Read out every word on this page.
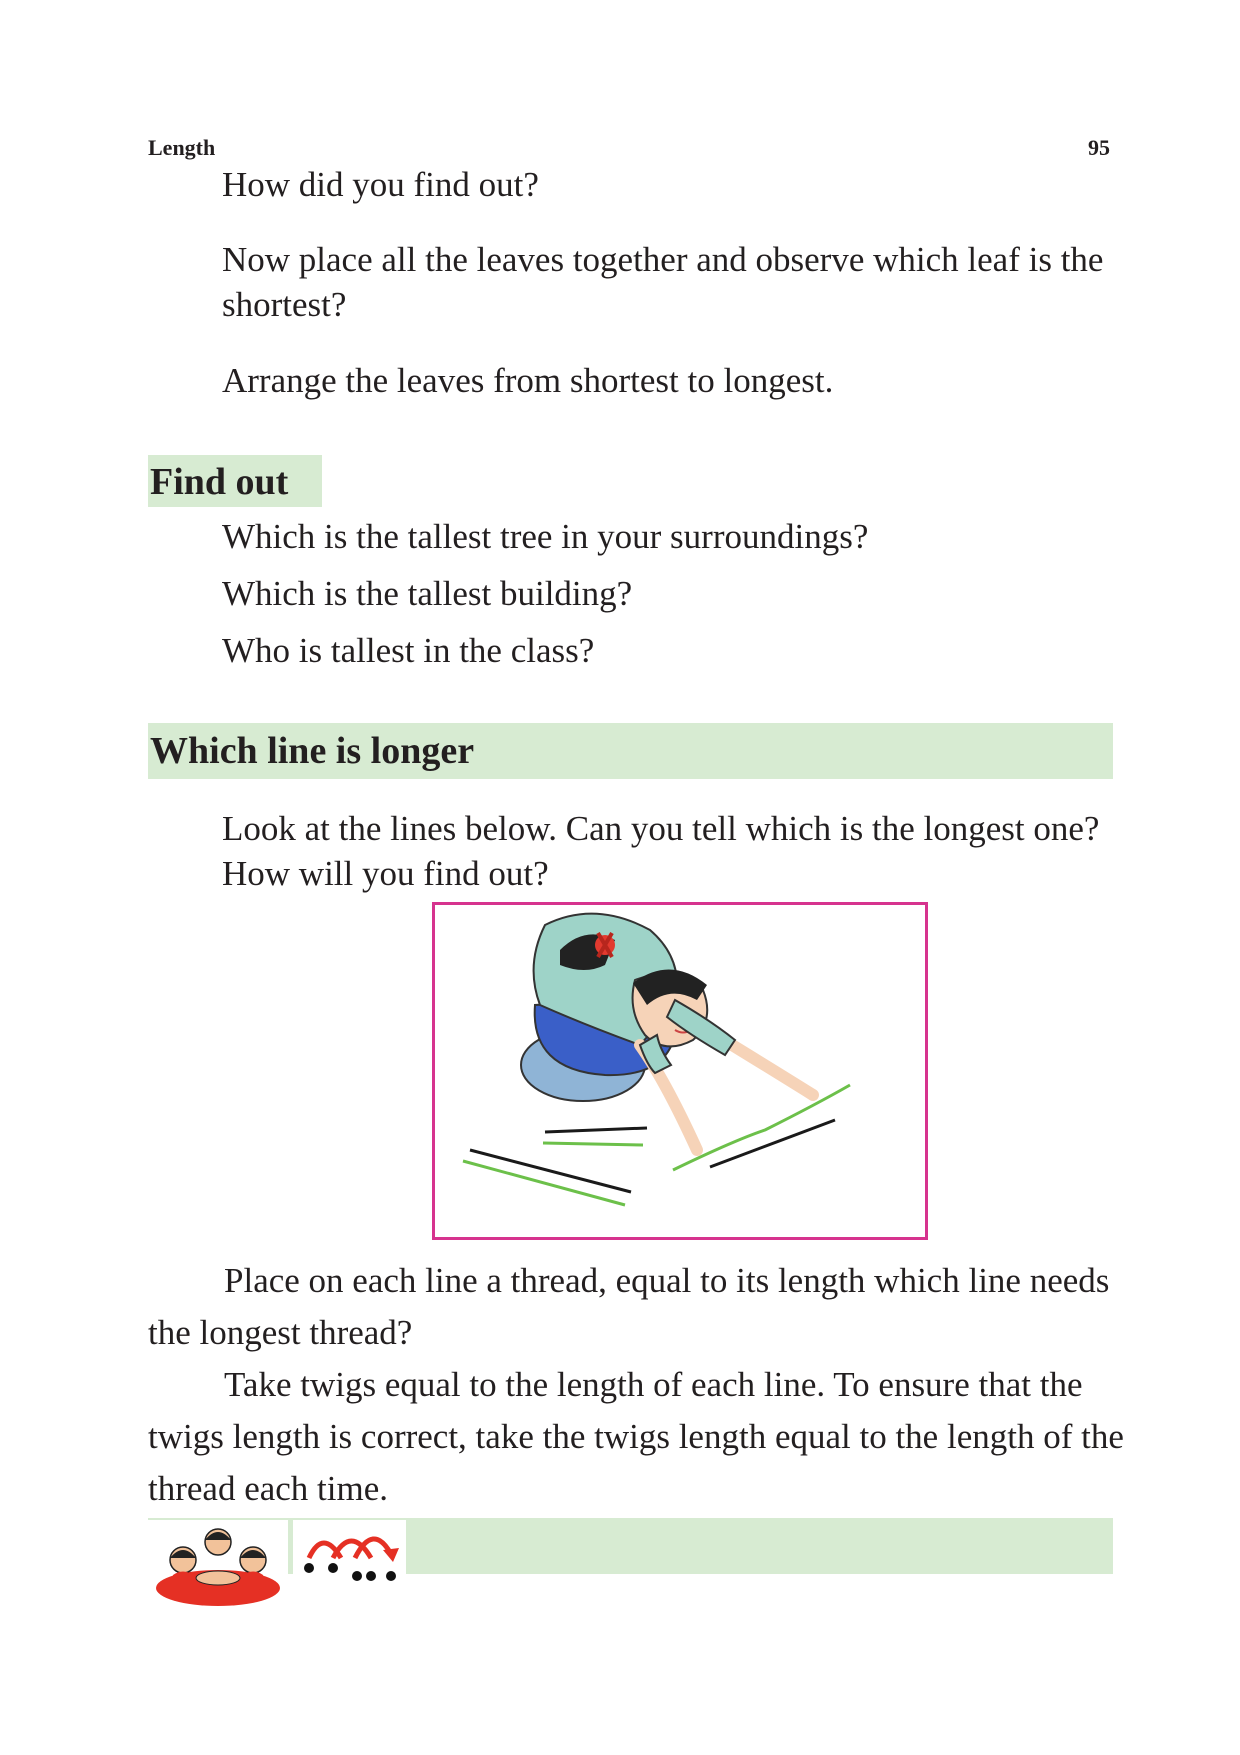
Length	95

How did you find out?

Now place all the leaves together and observe which leaf is the shortest?

Arrange the leaves from shortest to longest.

Find out

Which is the tallest tree in your surroundings?

Which is the tallest building?

Who is tallest in the class?

Which line is longer

Look at the lines below. Can you tell which is the longest one?

How will you find out?

Place on each line a thread, equal to its length which line needs the longest thread?

Take twigs equal to the length of each line. To ensure that the twigs length is correct, take the twigs length equal to the length of the thread each time.
